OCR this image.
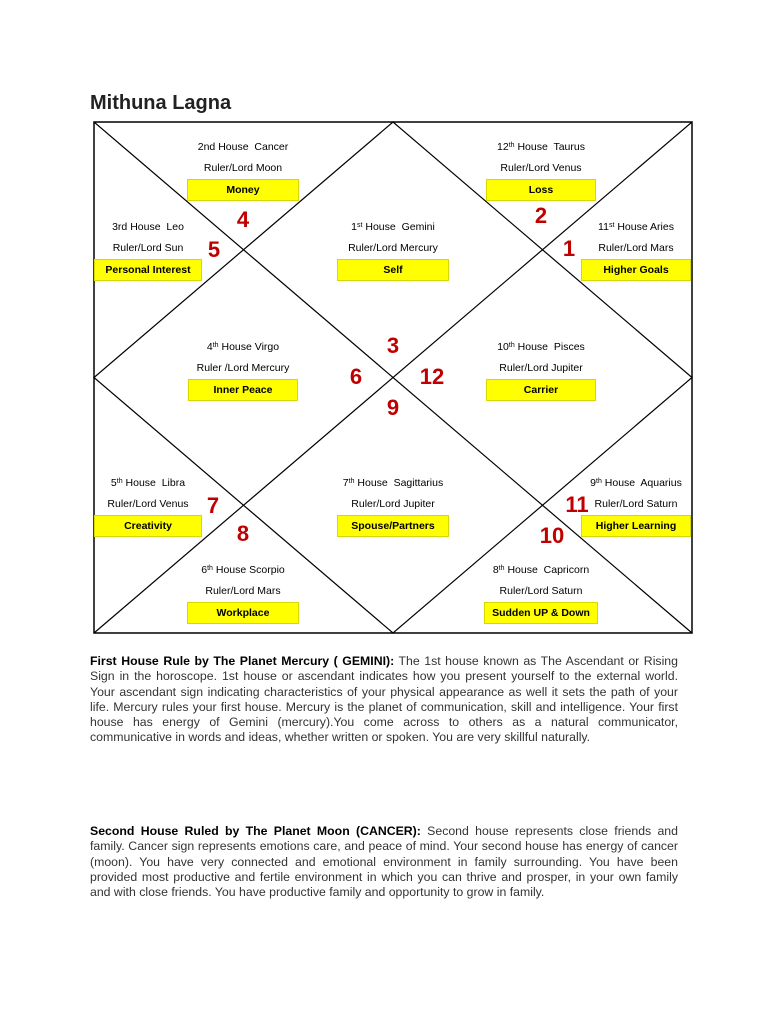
Mithuna Lagna
1st House Gemini
Ruler/Lord Mercury
Self
2nd House Cancer
Ruler/Lord Moon
Money
3rd House Leo
Ruler/Lord Sun
Personal Interest
4th House Virgo
Ruler /Lord Mercury
Inner Peace
5th House Libra
Ruler/Lord Venus
Creativity
6th House Scorpio
Ruler/Lord Mars
Workplace
7th House Sagittarius
Ruler/Lord Jupiter
Spouse/Partners
8th House Capricorn
Ruler/Lord Saturn
Sudden UP & Down
9th House Aquarius
Ruler/Lord Saturn
Higher Learning
10th House Pisces
Ruler/Lord Jupiter
Carrier
11st House Aries
Ruler/Lord Mars
Higher Goals
12th House Taurus
Ruler/Lord Venus
Loss
1
2
3
4
5
6
7
8
9
10
11
12
First House Rule by The Planet Mercury ( GEMINI): The 1st house known as The Ascendant or Rising Sign in the horoscope. 1st house or ascendant indicates how you present yourself to the external world. Your ascendant sign indicating characteristics of your physical appearance as well it sets the path of your life. Mercury rules your first house. Mercury is the planet of communication, skill and intelligence. Your first house has energy of Gemini (mercury).You come across to others as a natural communicator, communicative in words and ideas, whether written or spoken. You are very skillful naturally.
Second House Ruled by The Planet Moon (CANCER): Second house represents close friends and family. Cancer sign represents emotions care, and peace of mind. Your second house has energy of cancer (moon). You have very connected and emotional environment in family surrounding. You have been provided most productive and fertile environment in which you can thrive and prosper, in your own family and with close friends. You have productive family and opportunity to grow in family.
